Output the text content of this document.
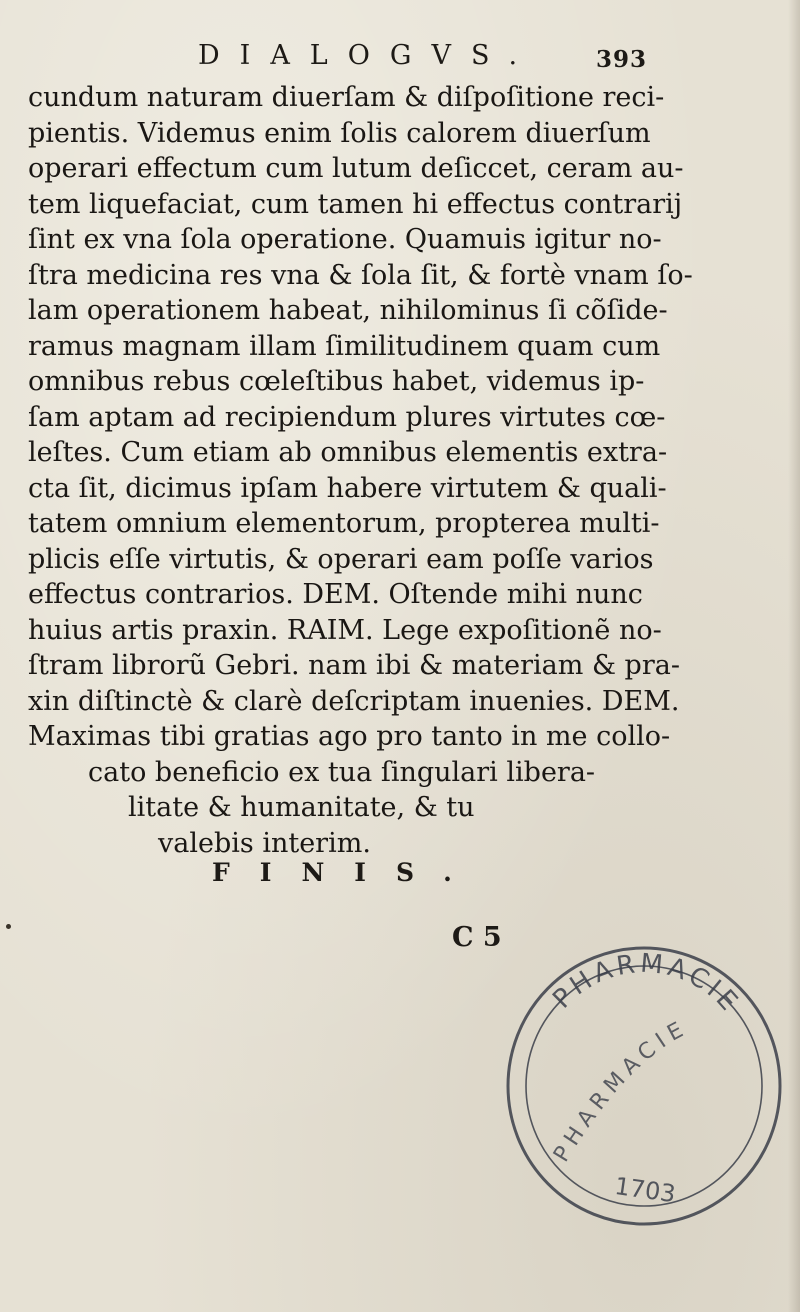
DIALOGVS.	393
cundum naturam diuerſam & diſpoſitione reci-
pientis. Videmus enim ſolis calorem diuerſum
operari effectum cum lutum deſiccet, ceram au-
tem liquefaciat, cum tamen hi effectus contrarij
ſint ex vna ſola operatione. Quamuis igitur no-
ſtra medicina res vna & ſola ſit, & fortè vnam ſo-
lam operationem habeat, nihilominus ſi cõſide-
ramus magnam illam ſimilitudinem quam cum
omnibus rebus cœleſtibus habet, videmus ip-
ſam aptam ad recipiendum plures virtutes cœ-
leſtes. Cum etiam ab omnibus elementis extra-
cta ſit, dicimus ipſam habere virtutem & quali-
tatem omnium elementorum, propterea multi-
plicis eſſe virtutis, & operari eam poſſe varios
effectus contrarios. DEM. Oſtende mihi nunc
huius artis praxin. RAIM. Lege expoſitionẽ no-
ſtram librorũ Gebri. nam ibi & materiam & pra-
xin diſtinctè & clarè deſcriptam inuenies. DEM.
Maximas tibi gratias ago pro tanto in me collo-
cato beneficio ex tua ſingulari libera-
litate & humanitate, & tu
valebis interim.
FINIS.
C 5
PHARMACIE
PHARMACIE
1703
